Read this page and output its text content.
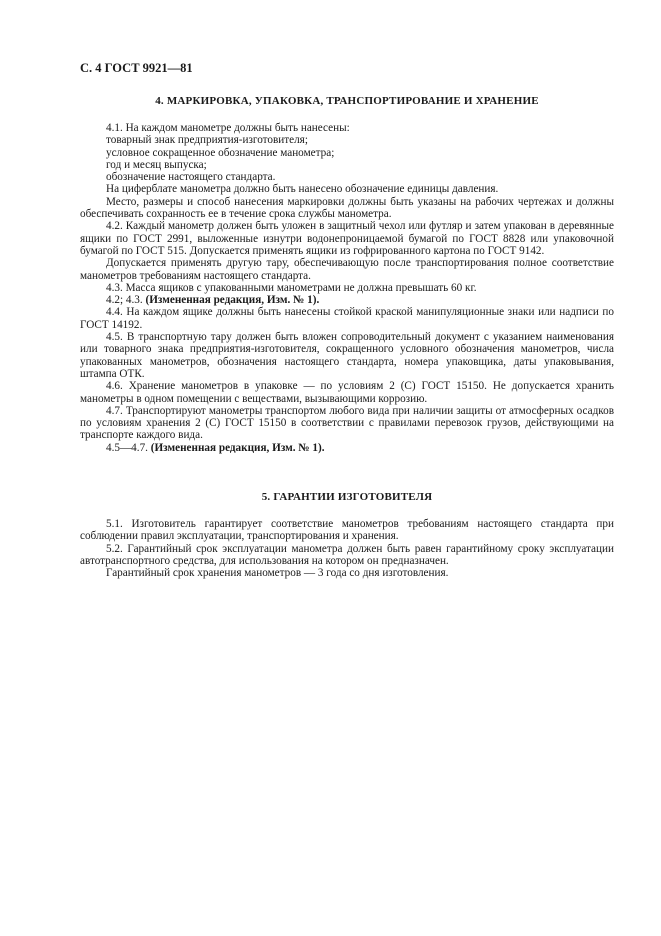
С. 4 ГОСТ 9921—81
4. МАРКИРОВКА, УПАКОВКА, ТРАНСПОРТИРОВАНИЕ И ХРАНЕНИЕ

4.1. На каждом манометре должны быть нанесены:

товарный знак предприятия-изготовителя;

условное сокращенное обозначение манометра;

год и месяц выпуска;

обозначение настоящего стандарта.

На циферблате манометра должно быть нанесено обозначение единицы давления.

Место, размеры и способ нанесения маркировки должны быть указаны на рабочих чертежах и должны обеспечивать сохранность ее в течение срока службы манометра.

4.2. Каждый манометр должен быть уложен в защитный чехол или футляр и затем упакован в деревянные ящики по ГОСТ 2991, выложенные изнутри водонепроницаемой бумагой по ГОСТ 8828 или упаковочной бумагой по ГОСТ 515. Допускается применять ящики из гофрированного картона по ГОСТ 9142.

Допускается применять другую тару, обеспечивающую после транспортирования полное соответствие манометров требованиям настоящего стандарта.

4.3. Масса ящиков с упакованными манометрами не должна превышать 60 кг.

4.2; 4.3. (Измененная редакция, Изм. № 1).

4.4. На каждом ящике должны быть нанесены стойкой краской манипуляционные знаки или надписи по ГОСТ 14192.

4.5. В транспортную тару должен быть вложен сопроводительный документ с указанием наименования или товарного знака предприятия-изготовителя, сокращенного условного обозначения манометров, числа упакованных манометров, обозначения настоящего стандарта, номера упаковщика, даты упаковывания, штампа ОТК.

4.6. Хранение манометров в упаковке — по условиям 2 (С) ГОСТ 15150. Не допускается хранить манометры в одном помещении с веществами, вызывающими коррозию.

4.7. Транспортируют манометры транспортом любого вида при наличии защиты от атмосферных осадков по условиям хранения 2 (С) ГОСТ 15150 в соответствии с правилами перевозок грузов, действующими на транспорте каждого вида.

4.5—4.7. (Измененная редакция, Изм. № 1).

5. ГАРАНТИИ ИЗГОТОВИТЕЛЯ

5.1. Изготовитель гарантирует соответствие манометров требованиям настоящего стандарта при соблюдении правил эксплуатации, транспортирования и хранения.

5.2. Гарантийный срок эксплуатации манометра должен быть равен гарантийному сроку эксплуатации автотранспортного средства, для использования на котором он предназначен.

Гарантийный срок хранения манометров — 3 года со дня изготовления.
